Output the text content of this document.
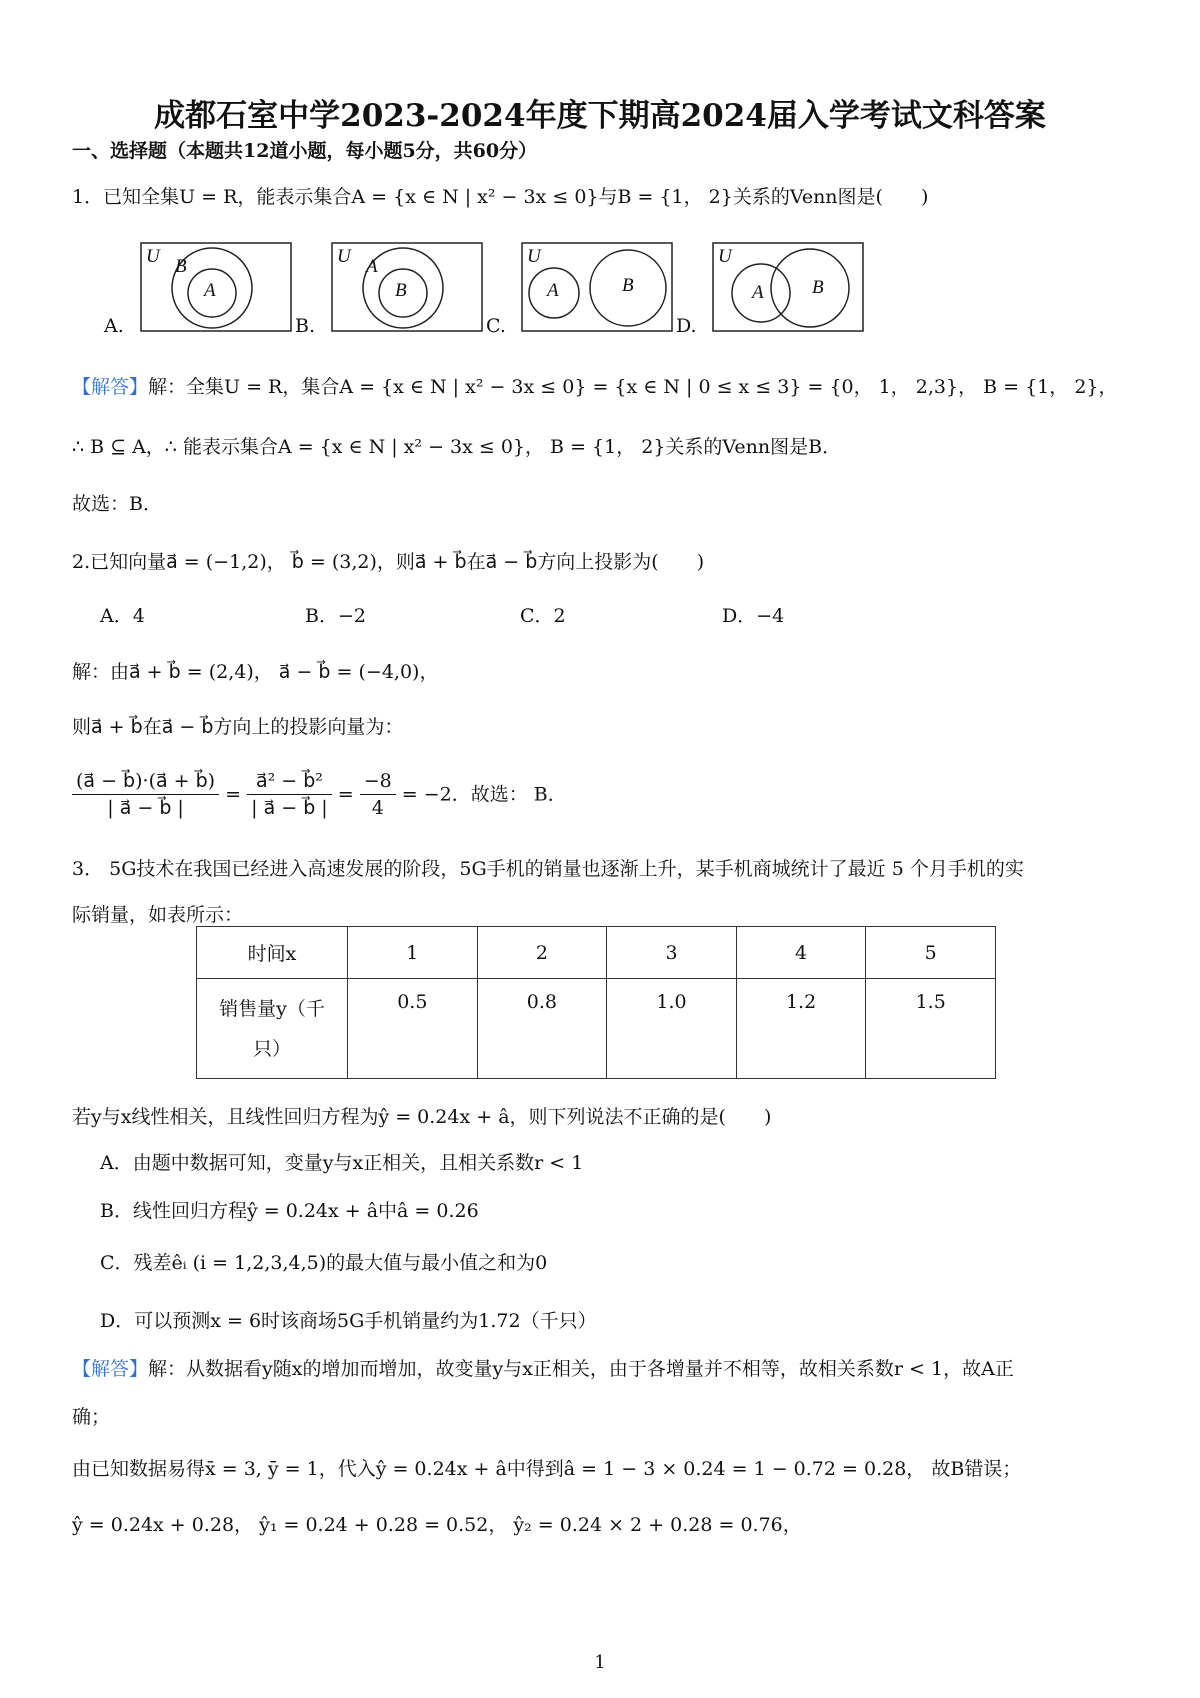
成都石室中学2023-2024年度下期高2024届入学考试文科答案
一、选择题（本题共12道小题，每小题5分，共60分）
1．已知全集U = R，能表示集合A = {x ∈ N | x² − 3x ≤ 0}与B = {1， 2}关系的Venn图是(　　)
A.
U B
A
B.
U A
B
C.
U
A	B
D.
U
A	B
【解答】解：全集U = R，集合A = {x ∈ N | x² − 3x ≤ 0} = {x ∈ N | 0 ≤ x ≤ 3} = {0， 1， 2,3}， B = {1， 2}，
∴ B ⊆ A，∴ 能表示集合A = {x ∈ N | x² − 3x ≤ 0}， B = {1， 2}关系的Venn图是B．
故选：B．
2.已知向量a⃗ = (−1,2)， b⃗ = (3,2)，则a⃗ + b⃗在a⃗ − b⃗方向上投影为(　　)
A．4	B．−2	C．2	D．−4
解：由a⃗ + b⃗ = (2,4)， a⃗ − b⃗ = (−4,0)，
则a⃗ + b⃗在a⃗ − b⃗方向上的投影向量为：
$\frac{(a⃗ - b⃗)\cdot(a⃗ + b⃗)}{| a⃗ - b⃗ |} = \frac{\text{a⃗² − b⃗²}}{| a⃗ - b⃗ |} = \frac{-8}{4} = -2$．故选： B．
3． 5G技术在我国已经进入高速发展的阶段，5G手机的销量也逐渐上升，某手机商城统计了最近 5 个月手机的实
际销量，如表所示：
时间x	1	2	3	4	5
销售量y（千只）	0.5	0.8	1.0	1.2	1.5
若y与x线性相关，且线性回归方程为ŷ = 0.24x + â，则下列说法不正确的是(　　)
A．由题中数据可知，变量y与x正相关，且相关系数r < 1
B．线性回归方程ŷ = 0.24x + â中â = 0.26
C．残差êᵢ (i = 1,2,3,4,5)的最大值与最小值之和为0
D．可以预测x = 6时该商场5G手机销量约为1.72（千只）
【解答】解：从数据看y随x的增加而增加，故变量y与x正相关，由于各增量并不相等，故相关系数r < 1，故A正
确；
由已知数据易得x̄ = 3, ȳ = 1，代入ŷ = 0.24x + â中得到â = 1 − 3 × 0.24 = 1 − 0.72 = 0.28， 故B错误；
ŷ = 0.24x + 0.28， ŷ₁ = 0.24 + 0.28 = 0.52， ŷ₂ = 0.24 × 2 + 0.28 = 0.76，
1
